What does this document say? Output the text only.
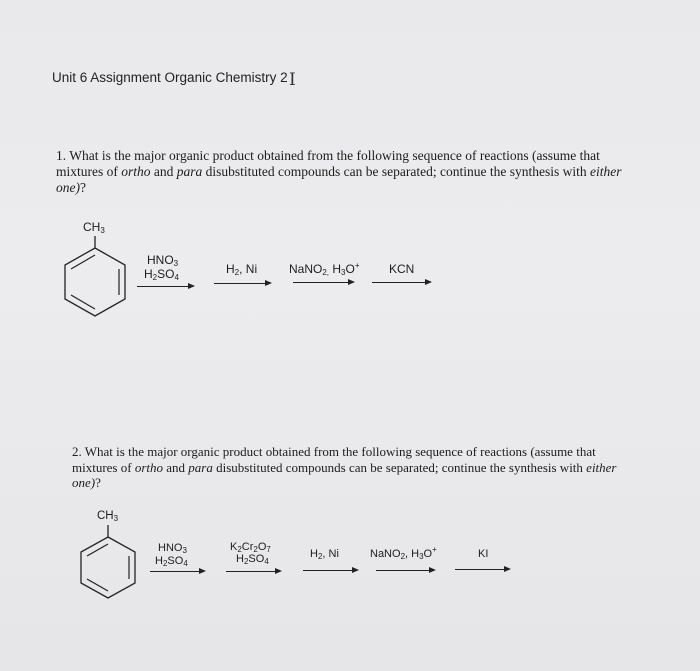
Unit 6 Assignment Organic Chemistry 2 I
1. What is the major organic product obtained from the following sequence of reactions (assume that mixtures of ortho and para disubstituted compounds can be separated; continue the synthesis with either one)?
$CH_3$
$HNO_3$
$H_2SO_4$
$H_2$, Ni	NaNO$_{2,}$ $H_3O^+$ KCN
2. What is the major organic product obtained from the following sequence of reactions (assume that mixtures of ortho and para disubstituted compounds can be separated; continue the synthesis with either one)?
$CH_3$
$HNO_3$
$H_2SO_4$
$K_2Cr_2O_7$
$H_2SO_4$
$H_2$, Ni	NaNO$_2$, $H_3O^+$	KI
